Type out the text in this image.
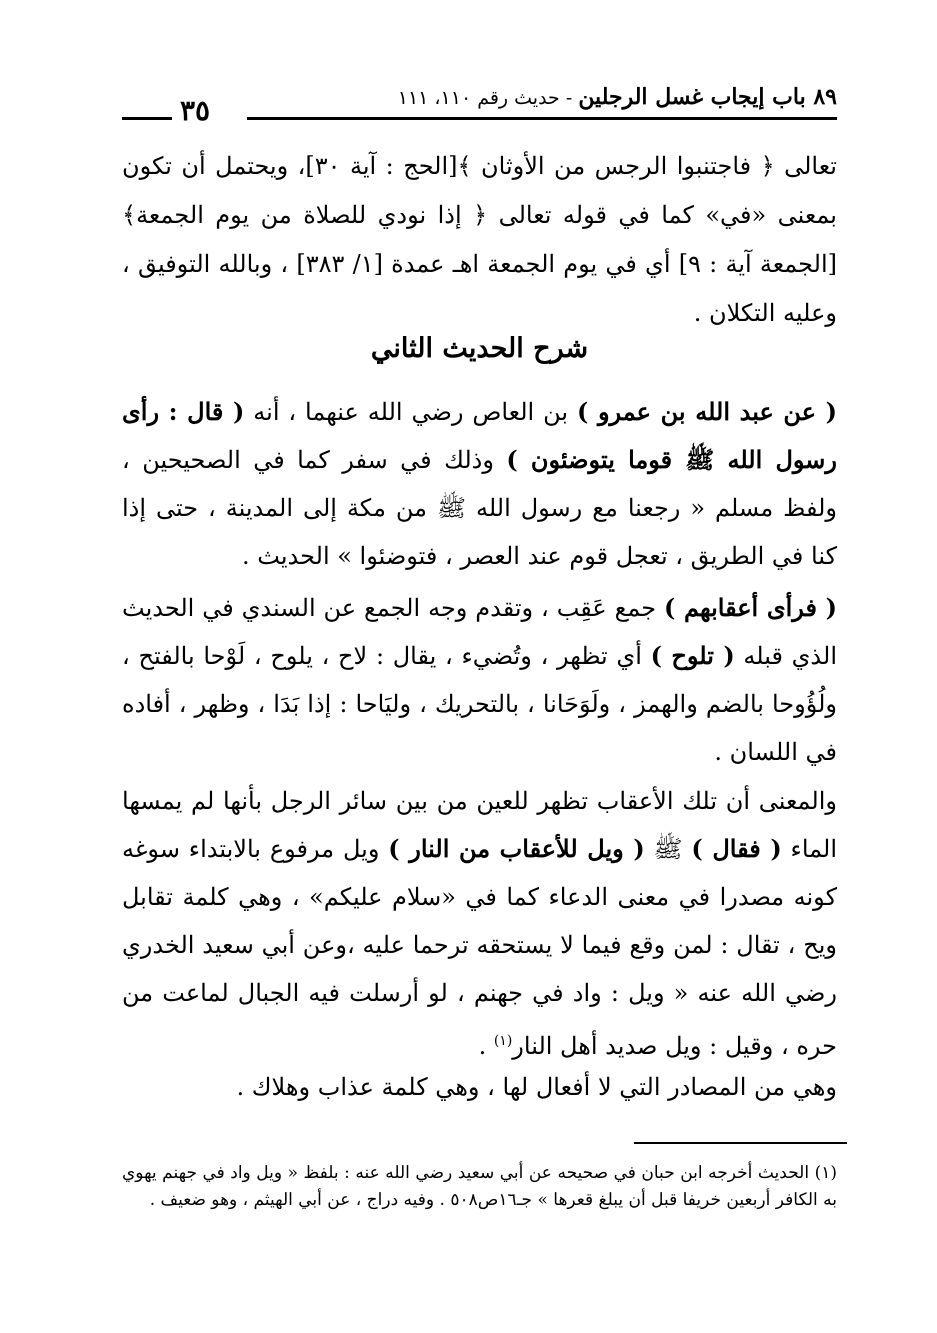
٨٩ باب إيجاب غسل الرجلين - حديث رقم ١١٠، ١١١
٣٥

تعالى ﴿ فاجتنبوا الرجس من الأوثان ﴾[الحج : آية ٣٠]، ويحتمل أن تكون بمعنى «في» كما في قوله تعالى ﴿ إذا نودي للصلاة من يوم الجمعة﴾[الجمعة آية : ٩] أي في يوم الجمعة اهـ عمدة [١/ ٣٨٣] ، وبالله التوفيق ، وعليه التكلان .

شرح الحديث الثاني

( عن عبد الله بن عمرو ) بن العاص رضي الله عنهما ، أنه ( قال : رأى رسول الله ﷺ قوما يتوضئون ) وذلك في سفر كما في الصحيحين ، ولفظ مسلم « رجعنا مع رسول الله ﷺ من مكة إلى المدينة ، حتى إذا كنا في الطريق ، تعجل قوم عند العصر ، فتوضئوا » الحديث .

( فرأى أعقابهم ) جمع عَقِب ، وتقدم وجه الجمع عن السندي في الحديث الذي قبله ( تلوح ) أي تظهر ، وتُضيء ، يقال : لاح ، يلوح ، لَوْحا بالفتح ، ولُؤُوحا بالضم والهمز ، ولَوَحَانا ، بالتحريك ، وليَاحا : إذا بَدَا ، وظهر ، أفاده في اللسان .

والمعنى أن تلك الأعقاب تظهر للعين من بين سائر الرجل بأنها لم يمسها الماء ( فقال ) ﷺ ( ويل للأعقاب من النار ) ويل مرفوع بالابتداء سوغه كونه مصدرا في معنى الدعاء كما في «سلام عليكم» ، وهي كلمة تقابل ويح ، تقال : لمن وقع فيما لا يستحقه ترحما عليه ،وعن أبي سعيد الخدري رضي الله عنه « ويل : واد في جهنم ، لو أرسلت فيه الجبال لماعت من حره ، وقيل : ويل صديد أهل النار$^{(١)}$ .

وهي من المصادر التي لا أفعال لها ، وهي كلمة عذاب وهلاك .

(١) الحديث أخرجه ابن حبان في صحيحه عن أبي سعيد رضي الله عنه : بلفظ « ويل واد في جهنم يهوي به الكافر أربعين خريفا قبل أن يبلغ قعرها » جـ١٦ص٥٠٨ . وفيه دراج ، عن أبي الهيثم ، وهو ضعيف .
